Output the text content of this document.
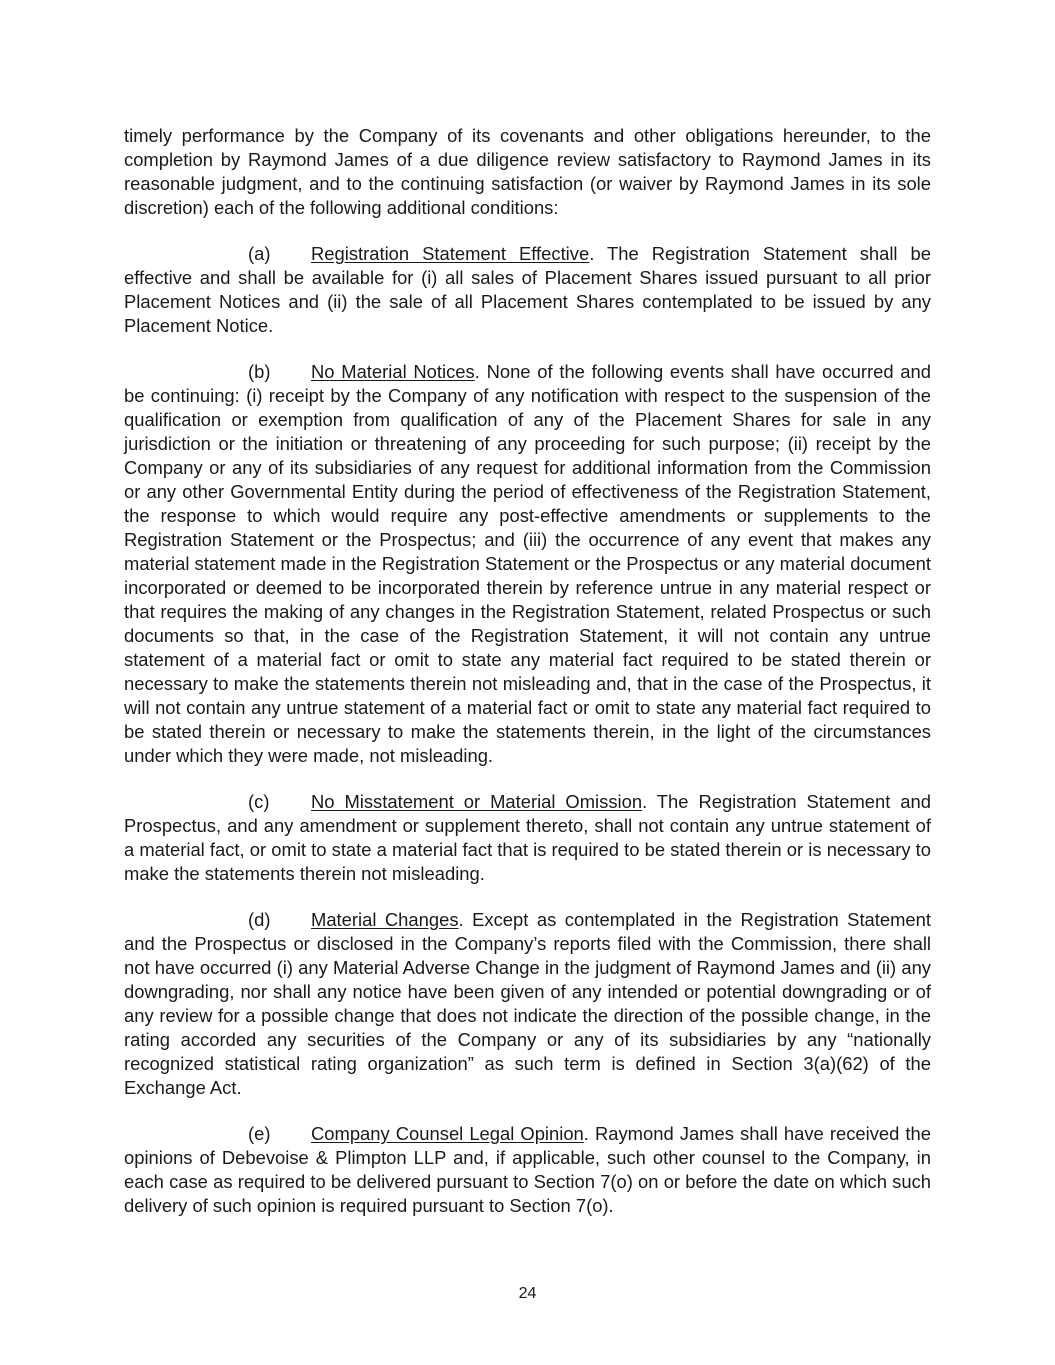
timely performance by the Company of its covenants and other obligations hereunder, to the completion by Raymond James of a due diligence review satisfactory to Raymond James in its reasonable judgment, and to the continuing satisfaction (or waiver by Raymond James in its sole discretion) each of the following additional conditions:

(a) Registration Statement Effective. The Registration Statement shall be effective and shall be available for (i) all sales of Placement Shares issued pursuant to all prior Placement Notices and (ii) the sale of all Placement Shares contemplated to be issued by any Placement Notice.

(b) No Material Notices. None of the following events shall have occurred and be continuing: (i) receipt by the Company of any notification with respect to the suspension of the qualification or exemption from qualification of any of the Placement Shares for sale in any jurisdiction or the initiation or threatening of any proceeding for such purpose; (ii) receipt by the Company or any of its subsidiaries of any request for additional information from the Commission or any other Governmental Entity during the period of effectiveness of the Registration Statement, the response to which would require any post-effective amendments or supplements to the Registration Statement or the Prospectus; and (iii) the occurrence of any event that makes any material statement made in the Registration Statement or the Prospectus or any material document incorporated or deemed to be incorporated therein by reference untrue in any material respect or that requires the making of any changes in the Registration Statement, related Prospectus or such documents so that, in the case of the Registration Statement, it will not contain any untrue statement of a material fact or omit to state any material fact required to be stated therein or necessary to make the statements therein not misleading and, that in the case of the Prospectus, it will not contain any untrue statement of a material fact or omit to state any material fact required to be stated therein or necessary to make the statements therein, in the light of the circumstances under which they were made, not misleading.

(c) No Misstatement or Material Omission. The Registration Statement and Prospectus, and any amendment or supplement thereto, shall not contain any untrue statement of a material fact, or omit to state a material fact that is required to be stated therein or is necessary to make the statements therein not misleading.

(d) Material Changes. Except as contemplated in the Registration Statement and the Prospectus or disclosed in the Company’s reports filed with the Commission, there shall not have occurred (i) any Material Adverse Change in the judgment of Raymond James and (ii) any downgrading, nor shall any notice have been given of any intended or potential downgrading or of any review for a possible change that does not indicate the direction of the possible change, in the rating accorded any securities of the Company or any of its subsidiaries by any “nationally recognized statistical rating organization” as such term is defined in Section 3(a)(62) of the Exchange Act.

(e) Company Counsel Legal Opinion. Raymond James shall have received the opinions of Debevoise & Plimpton LLP and, if applicable, such other counsel to the Company, in each case as required to be delivered pursuant to Section 7(o) on or before the date on which such delivery of such opinion is required pursuant to Section 7(o).

24
